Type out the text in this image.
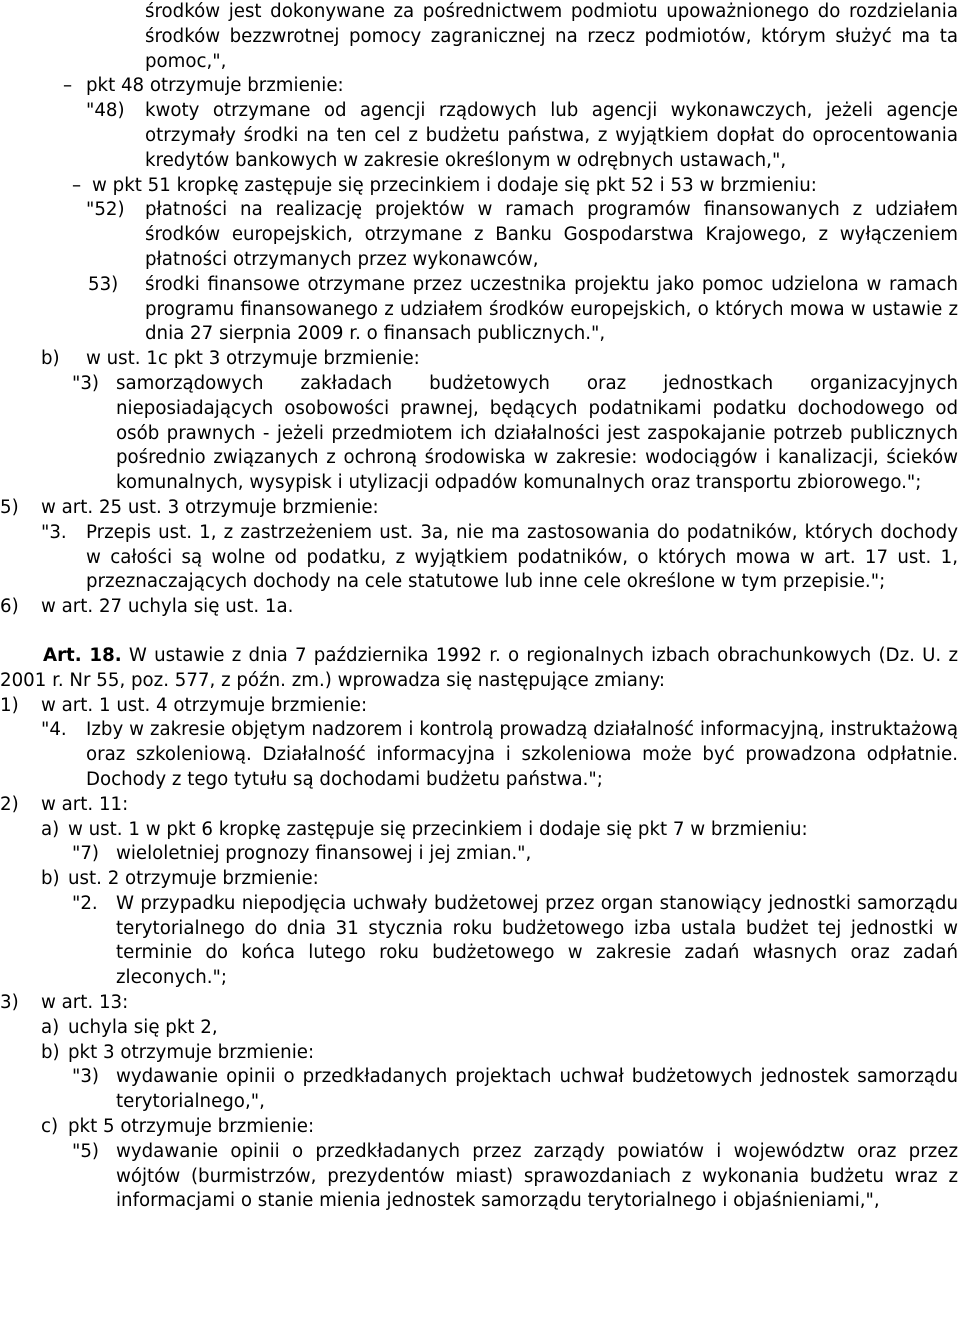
środków jest dokonywane za pośrednictwem podmiotu upoważnionego do rozdzielania środków bezzwrotnej pomocy zagranicznej na rzecz podmiotów, którym służyć ma ta pomoc,",
– pkt 48 otrzymuje brzmienie:
"48) kwoty otrzymane od agencji rządowych lub agencji wykonawczych, jeżeli agencje otrzymały środki na ten cel z budżetu państwa, z wyjątkiem dopłat do oprocentowania kredytów bankowych w zakresie określonym w odrębnych ustawach,",
– w pkt 51 kropkę zastępuje się przecinkiem i dodaje się pkt 52 i 53 w brzmieniu:
"52) płatności na realizację projektów w ramach programów finansowanych z udziałem środków europejskich, otrzymane z Banku Gospodarstwa Krajowego, z wyłączeniem płatności otrzymanych przez wykonawców,
53) środki finansowe otrzymane przez uczestnika projektu jako pomoc udzielona w ramach programu finansowanego z udziałem środków europejskich, o których mowa w ustawie z dnia 27 sierpnia 2009 r. o finansach publicznych.",
b) w ust. 1c pkt 3 otrzymuje brzmienie:
"3) samorządowych zakładach budżetowych oraz jednostkach organizacyjnych nieposiadających osobowości prawnej, będących podatnikami podatku dochodowego od osób prawnych - jeżeli przedmiotem ich działalności jest zaspokajanie potrzeb publicznych pośrednio związanych z ochroną środowiska w zakresie: wodociągów i kanalizacji, ścieków komunalnych, wysypisk i utylizacji odpadów komunalnych oraz transportu zbiorowego.";
5) w art. 25 ust. 3 otrzymuje brzmienie:
"3. Przepis ust. 1, z zastrzeżeniem ust. 3a, nie ma zastosowania do podatników, których dochody w całości są wolne od podatku, z wyjątkiem podatników, o których mowa w art. 17 ust. 1, przeznaczających dochody na cele statutowe lub inne cele określone w tym przepisie.";
6) w art. 27 uchyla się ust. 1a.
Art. 18. W ustawie z dnia 7 października 1992 r. o regionalnych izbach obrachunkowych (Dz. U. z 2001 r. Nr 55, poz. 577, z późn. zm.) wprowadza się następujące zmiany:
1) w art. 1 ust. 4 otrzymuje brzmienie:
"4. Izby w zakresie objętym nadzorem i kontrolą prowadzą działalność informacyjną, instruktażową oraz szkoleniową. Działalność informacyjna i szkoleniowa może być prowadzona odpłatnie. Dochody z tego tytułu są dochodami budżetu państwa.";
2) w art. 11:
a) w ust. 1 w pkt 6 kropkę zastępuje się przecinkiem i dodaje się pkt 7 w brzmieniu:
"7) wieloletniej prognozy finansowej i jej zmian.",
b) ust. 2 otrzymuje brzmienie:
"2. W przypadku niepodjęcia uchwały budżetowej przez organ stanowiący jednostki samorządu terytorialnego do dnia 31 stycznia roku budżetowego izba ustala budżet tej jednostki w terminie do końca lutego roku budżetowego w zakresie zadań własnych oraz zadań zleconych.";
3) w art. 13:
a) uchyla się pkt 2,
b) pkt 3 otrzymuje brzmienie:
"3) wydawanie opinii o przedkładanych projektach uchwał budżetowych jednostek samorządu terytorialnego,",
c) pkt 5 otrzymuje brzmienie:
"5) wydawanie opinii o przedkładanych przez zarządy powiatów i województw oraz przez wójtów (burmistrzów, prezydentów miast) sprawozdaniach z wykonania budżetu wraz z informacjami o stanie mienia jednostek samorządu terytorialnego i objaśnieniami,",
